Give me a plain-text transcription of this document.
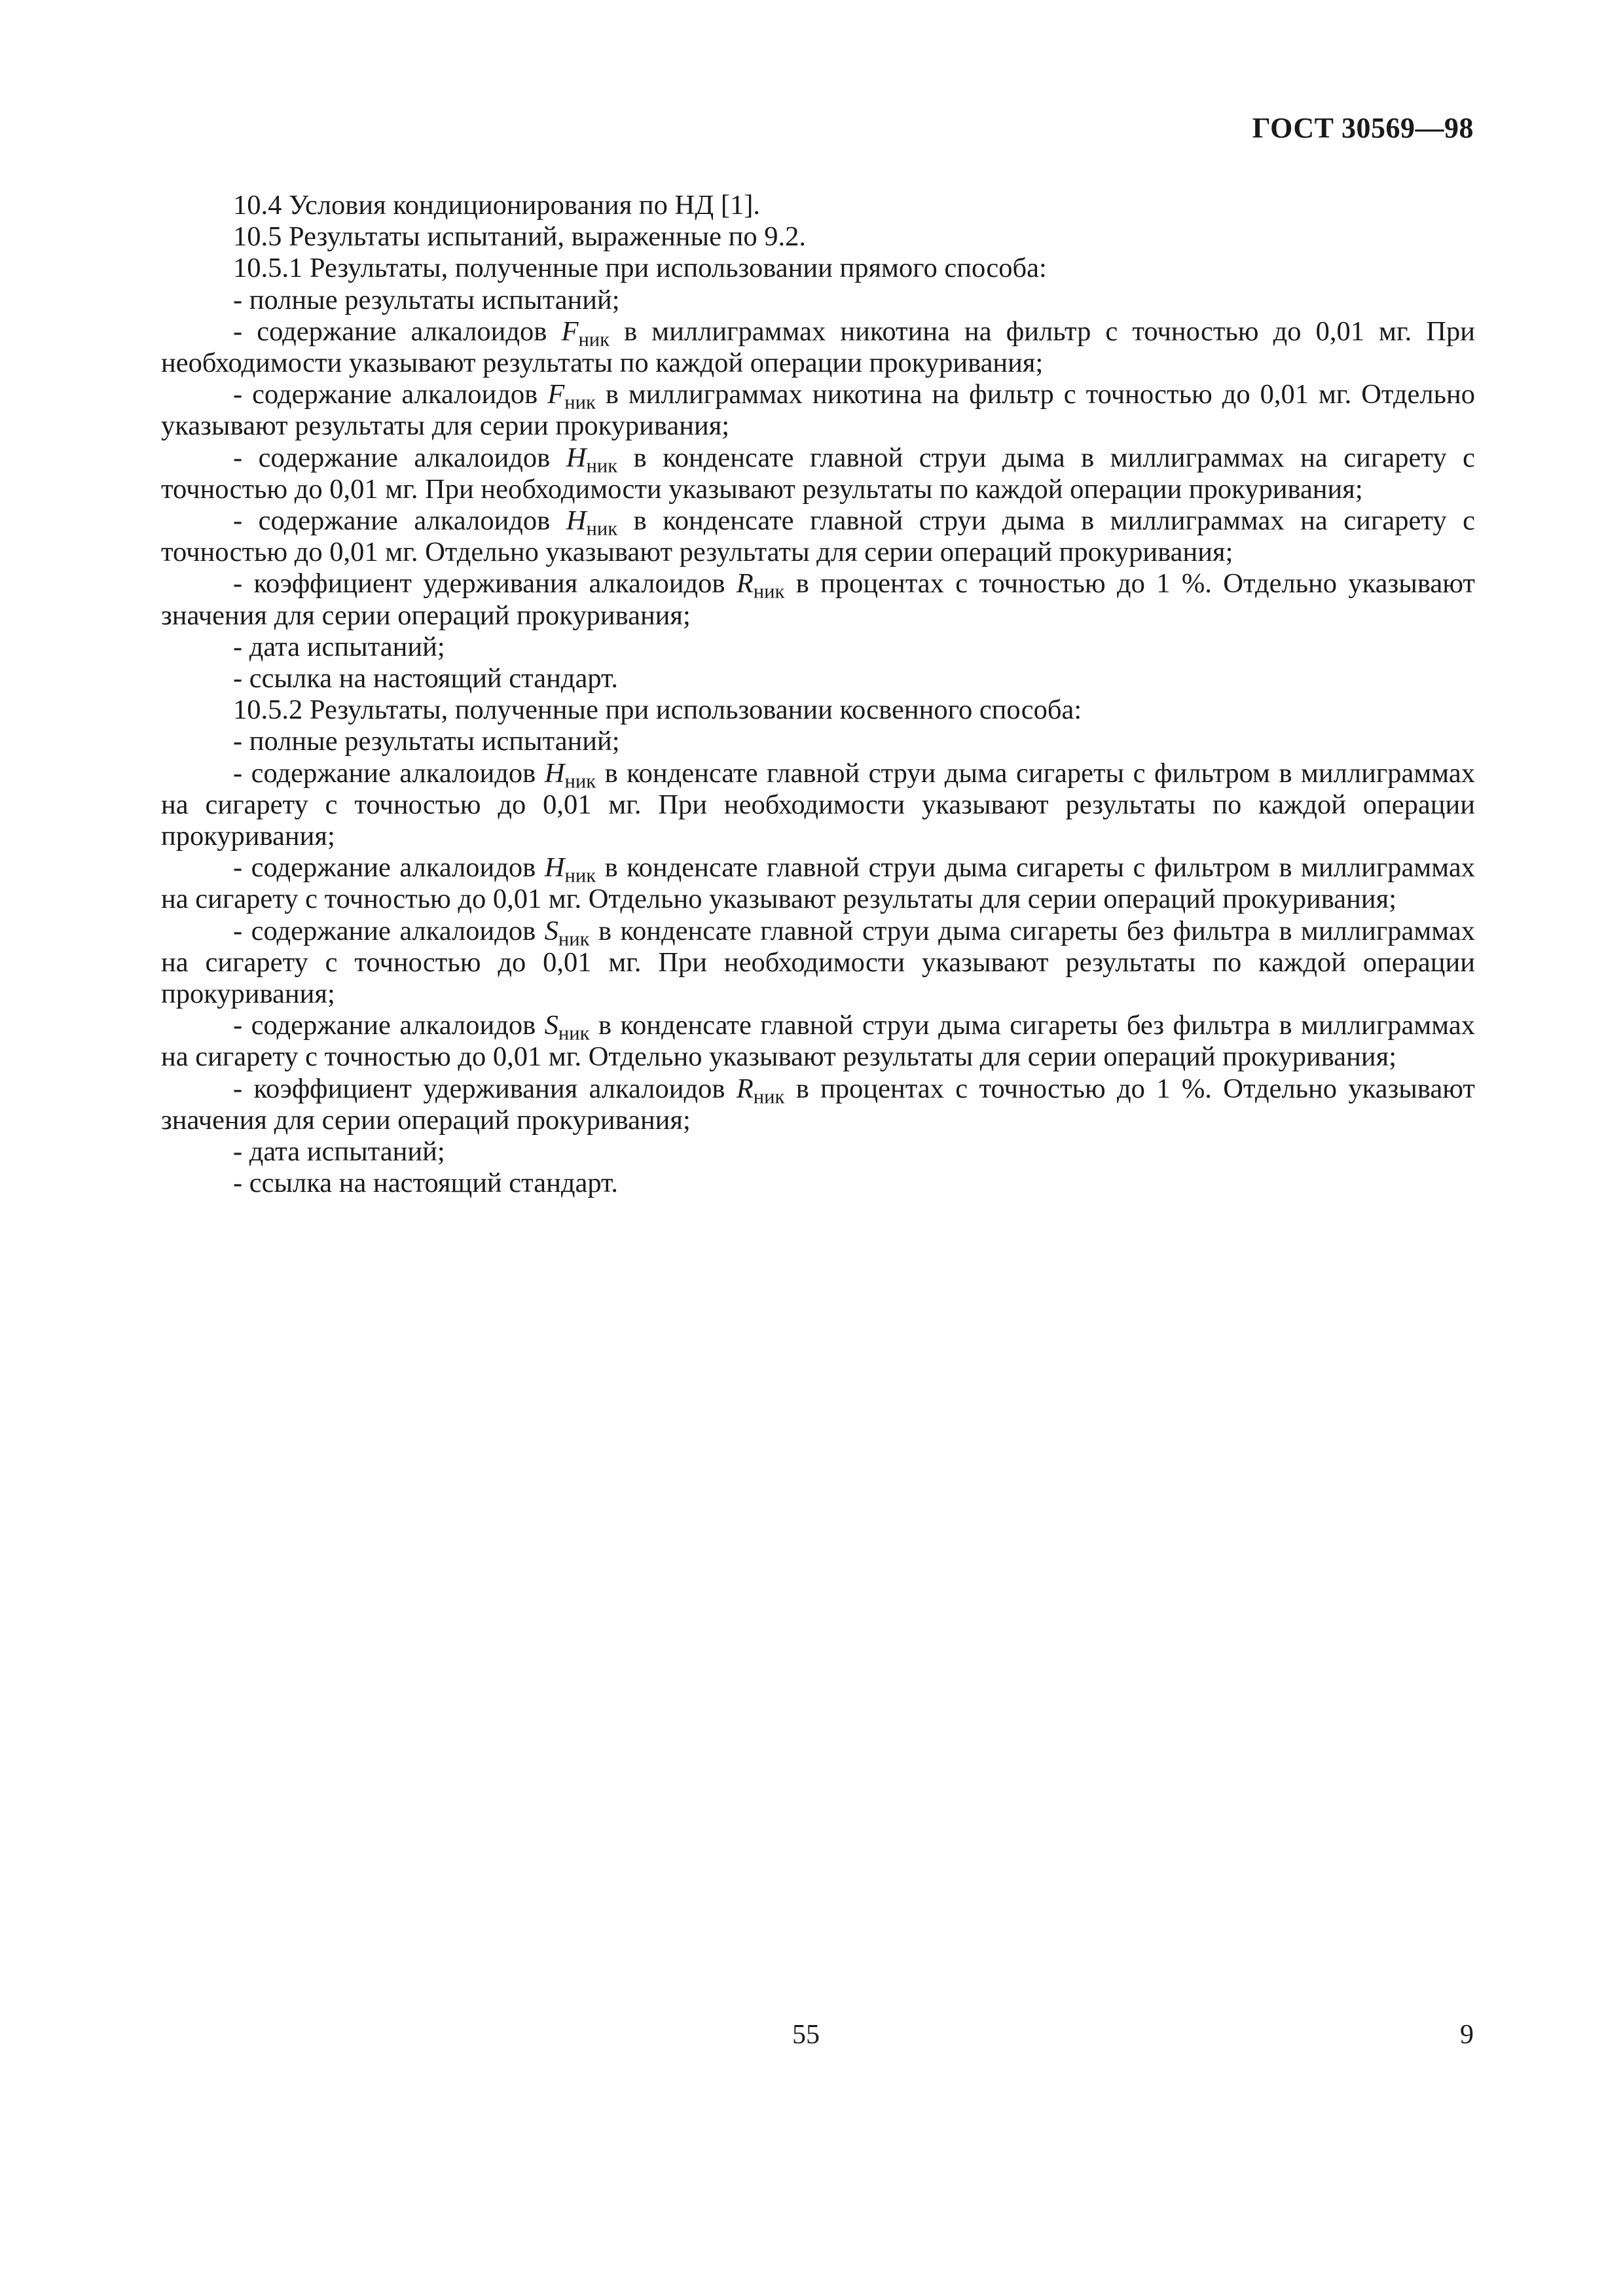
ГОСТ 30569—98

10.4 Условия кондиционирования по НД [1].

10.5 Результаты испытаний, выраженные по 9.2.

10.5.1 Результаты, полученные при использовании прямого способа:

- полные результаты испытаний;

- содержание алкалоидов $F_{ник}$ в миллиграммах никотина на фильтр с точностью до 0,01 мг. При необходимости указывают результаты по каждой операции прокуривания;

- содержание алкалоидов $F_{ник}$ в миллиграммах никотина на фильтр с точностью до 0,01 мг. Отдельно указывают результаты для серии прокуривания;

- содержание алкалоидов $H_{ник}$ в конденсате главной струи дыма в миллиграммах на сигарету с точностью до 0,01 мг. При необходимости указывают результаты по каждой операции прокуривания;

- содержание алкалоидов $H_{ник}$ в конденсате главной струи дыма в миллиграммах на сигарету с точностью до 0,01 мг. Отдельно указывают результаты для серии операций прокуривания;

- коэффициент удерживания алкалоидов $R_{ник}$ в процентах с точностью до 1 %. Отдельно указывают значения для серии операций прокуривания;

- дата испытаний;

- ссылка на настоящий стандарт.

10.5.2 Результаты, полученные при использовании косвенного способа:

- полные результаты испытаний;

- содержание алкалоидов $H_{ник}$ в конденсате главной струи дыма сигареты с фильтром в миллиграммах на сигарету с точностью до 0,01 мг. При необходимости указывают результаты по каждой операции прокуривания;

- содержание алкалоидов $H_{ник}$ в конденсате главной струи дыма сигареты с фильтром в миллиграммах на сигарету с точностью до 0,01 мг. Отдельно указывают результаты для серии операций прокуривания;

- содержание алкалоидов $S_{ник}$ в конденсате главной струи дыма сигареты без фильтра в миллиграммах на сигарету с точностью до 0,01 мг. При необходимости указывают результаты по каждой операции прокуривания;

- содержание алкалоидов $S_{ник}$ в конденсате главной струи дыма сигареты без фильтра в миллиграммах на сигарету с точностью до 0,01 мг. Отдельно указывают результаты для серии операций прокуривания;

- коэффициент удерживания алкалоидов $R_{ник}$ в процентах с точностью до 1 %. Отдельно указывают значения для серии операций прокуривания;

- дата испытаний;

- ссылка на настоящий стандарт.

55	9
